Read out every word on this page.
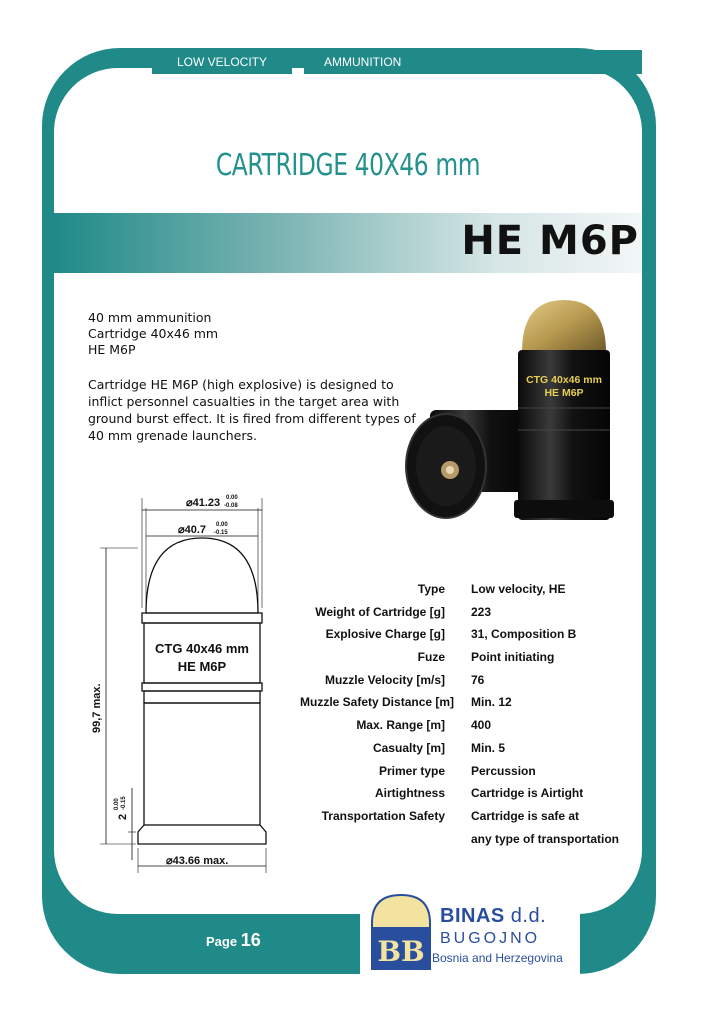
LOW VELOCITY	AMMUNITION
CARTRIDGE 40X46 mm
HE M6P
40 mm ammunition
Cartridge 40x46 mm
HE M6P
Cartridge HE M6P (high explosive) is designed to inflict personnel casualties in the target area with ground burst effect. It is fired from different types of 40 mm grenade launchers.
CTG 40x46 mm
HE M6P
⌀41.23 0.00
-0.08
⌀40.7 0.00
-0.15
99,7 max.
2
0.00 -0.15
⌀43.66 max.
CTG 40x46 mm
HE M6P
Type	Low velocity, HE
Weight of Cartridge [g]	223
Explosive Charge [g]	31, Composition B
Fuze	Point initiating
Muzzle Velocity [m/s]	76
Muzzle Safety Distance [m]	Min. 12
Max. Range [m]	400
Casualty [m]	Min. 5
Primer type	Percussion
Airtightness	Cartridge is Airtight
Transportation Safety	Cartridge is safe at
any type of transportation
Page 16	BB
BINAS d.d.
BUGOJNO
Bosnia and Herzegovina
